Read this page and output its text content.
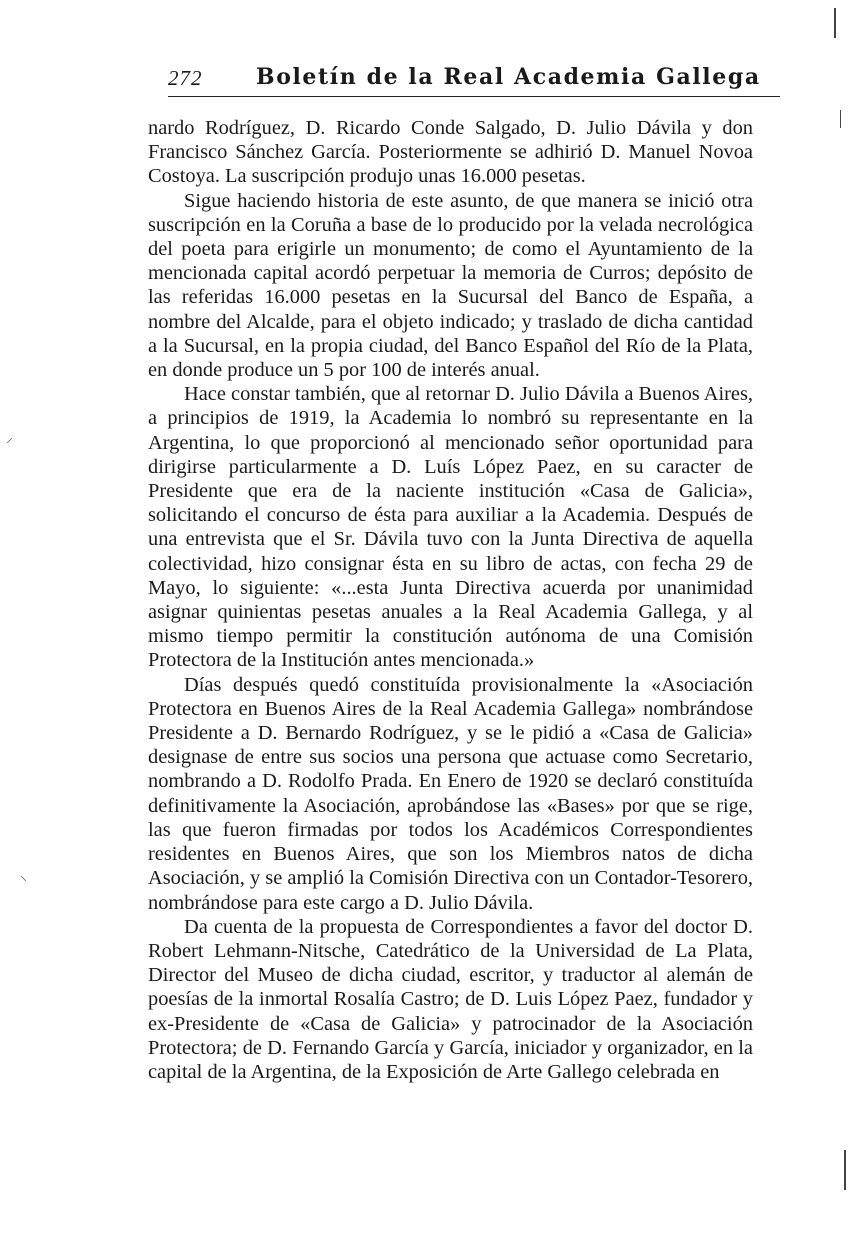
272 Boletín de la Real Academia Gallega

nardo Rodríguez, D. Ricardo Conde Salgado, D. Julio Dávila y don Francisco Sánchez García. Posteriormente se adhirió D. Manuel Novoa Costoya. La suscripción produjo unas 16.000 pesetas.

Sigue haciendo historia de este asunto, de que manera se inició otra suscripción en la Coruña a base de lo producido por la velada necrológica del poeta para erigirle un monumento; de como el Ayuntamiento de la mencionada capital acordó perpetuar la memoria de Curros; depósito de las referidas 16.000 pesetas en la Sucursal del Banco de España, a nombre del Alcalde, para el objeto indicado; y traslado de dicha cantidad a la Sucursal, en la propia ciudad, del Banco Español del Río de la Plata, en donde produce un 5 por 100 de interés anual.

Hace constar también, que al retornar D. Julio Dávila a Buenos Aires, a principios de 1919, la Academia lo nombró su representante en la Argentina, lo que proporcionó al mencionado señor oportunidad para dirigirse particularmente a D. Luís López Paez, en su caracter de Presidente que era de la naciente institución «Casa de Galicia», solicitando el concurso de ésta para auxiliar a la Academia. Después de una entrevista que el Sr. Dávila tuvo con la Junta Directiva de aquella colectividad, hizo consignar ésta en su libro de actas, con fecha 29 de Mayo, lo siguiente: «...esta Junta Directiva acuerda por unanimidad asignar quinientas pesetas anuales a la Real Academia Gallega, y al mismo tiempo permitir la constitución autónoma de una Comisión Protectora de la Institución antes mencionada.»

Días después quedó constituída provisionalmente la «Asociación Protectora en Buenos Aires de la Real Academia Gallega» nombrándose Presidente a D. Bernardo Rodríguez, y se le pidió a «Casa de Galicia» designase de entre sus socios una persona que actuase como Secretario, nombrando a D. Rodolfo Prada. En Enero de 1920 se declaró constituída definitivamente la Asociación, aprobándose las «Bases» por que se rige, las que fueron firmadas por todos los Académicos Correspondientes residentes en Buenos Aires, que son los Miembros natos de dicha Asociación, y se amplió la Comisión Directiva con un Contador-Tesorero, nombrándose para este cargo a D. Julio Dávila.

Da cuenta de la propuesta de Correspondientes a favor del doctor D. Robert Lehmann-Nitsche, Catedrático de la Universidad de La Plata, Director del Museo de dicha ciudad, escritor, y traductor al alemán de poesías de la inmortal Rosalía Castro; de D. Luis López Paez, fundador y ex-Presidente de «Casa de Galicia» y patrocinador de la Asociación Protectora; de D. Fernando García y García, iniciador y organizador, en la capital de la Argentina, de la Exposición de Arte Gallego celebrada en

⸝
⸜
